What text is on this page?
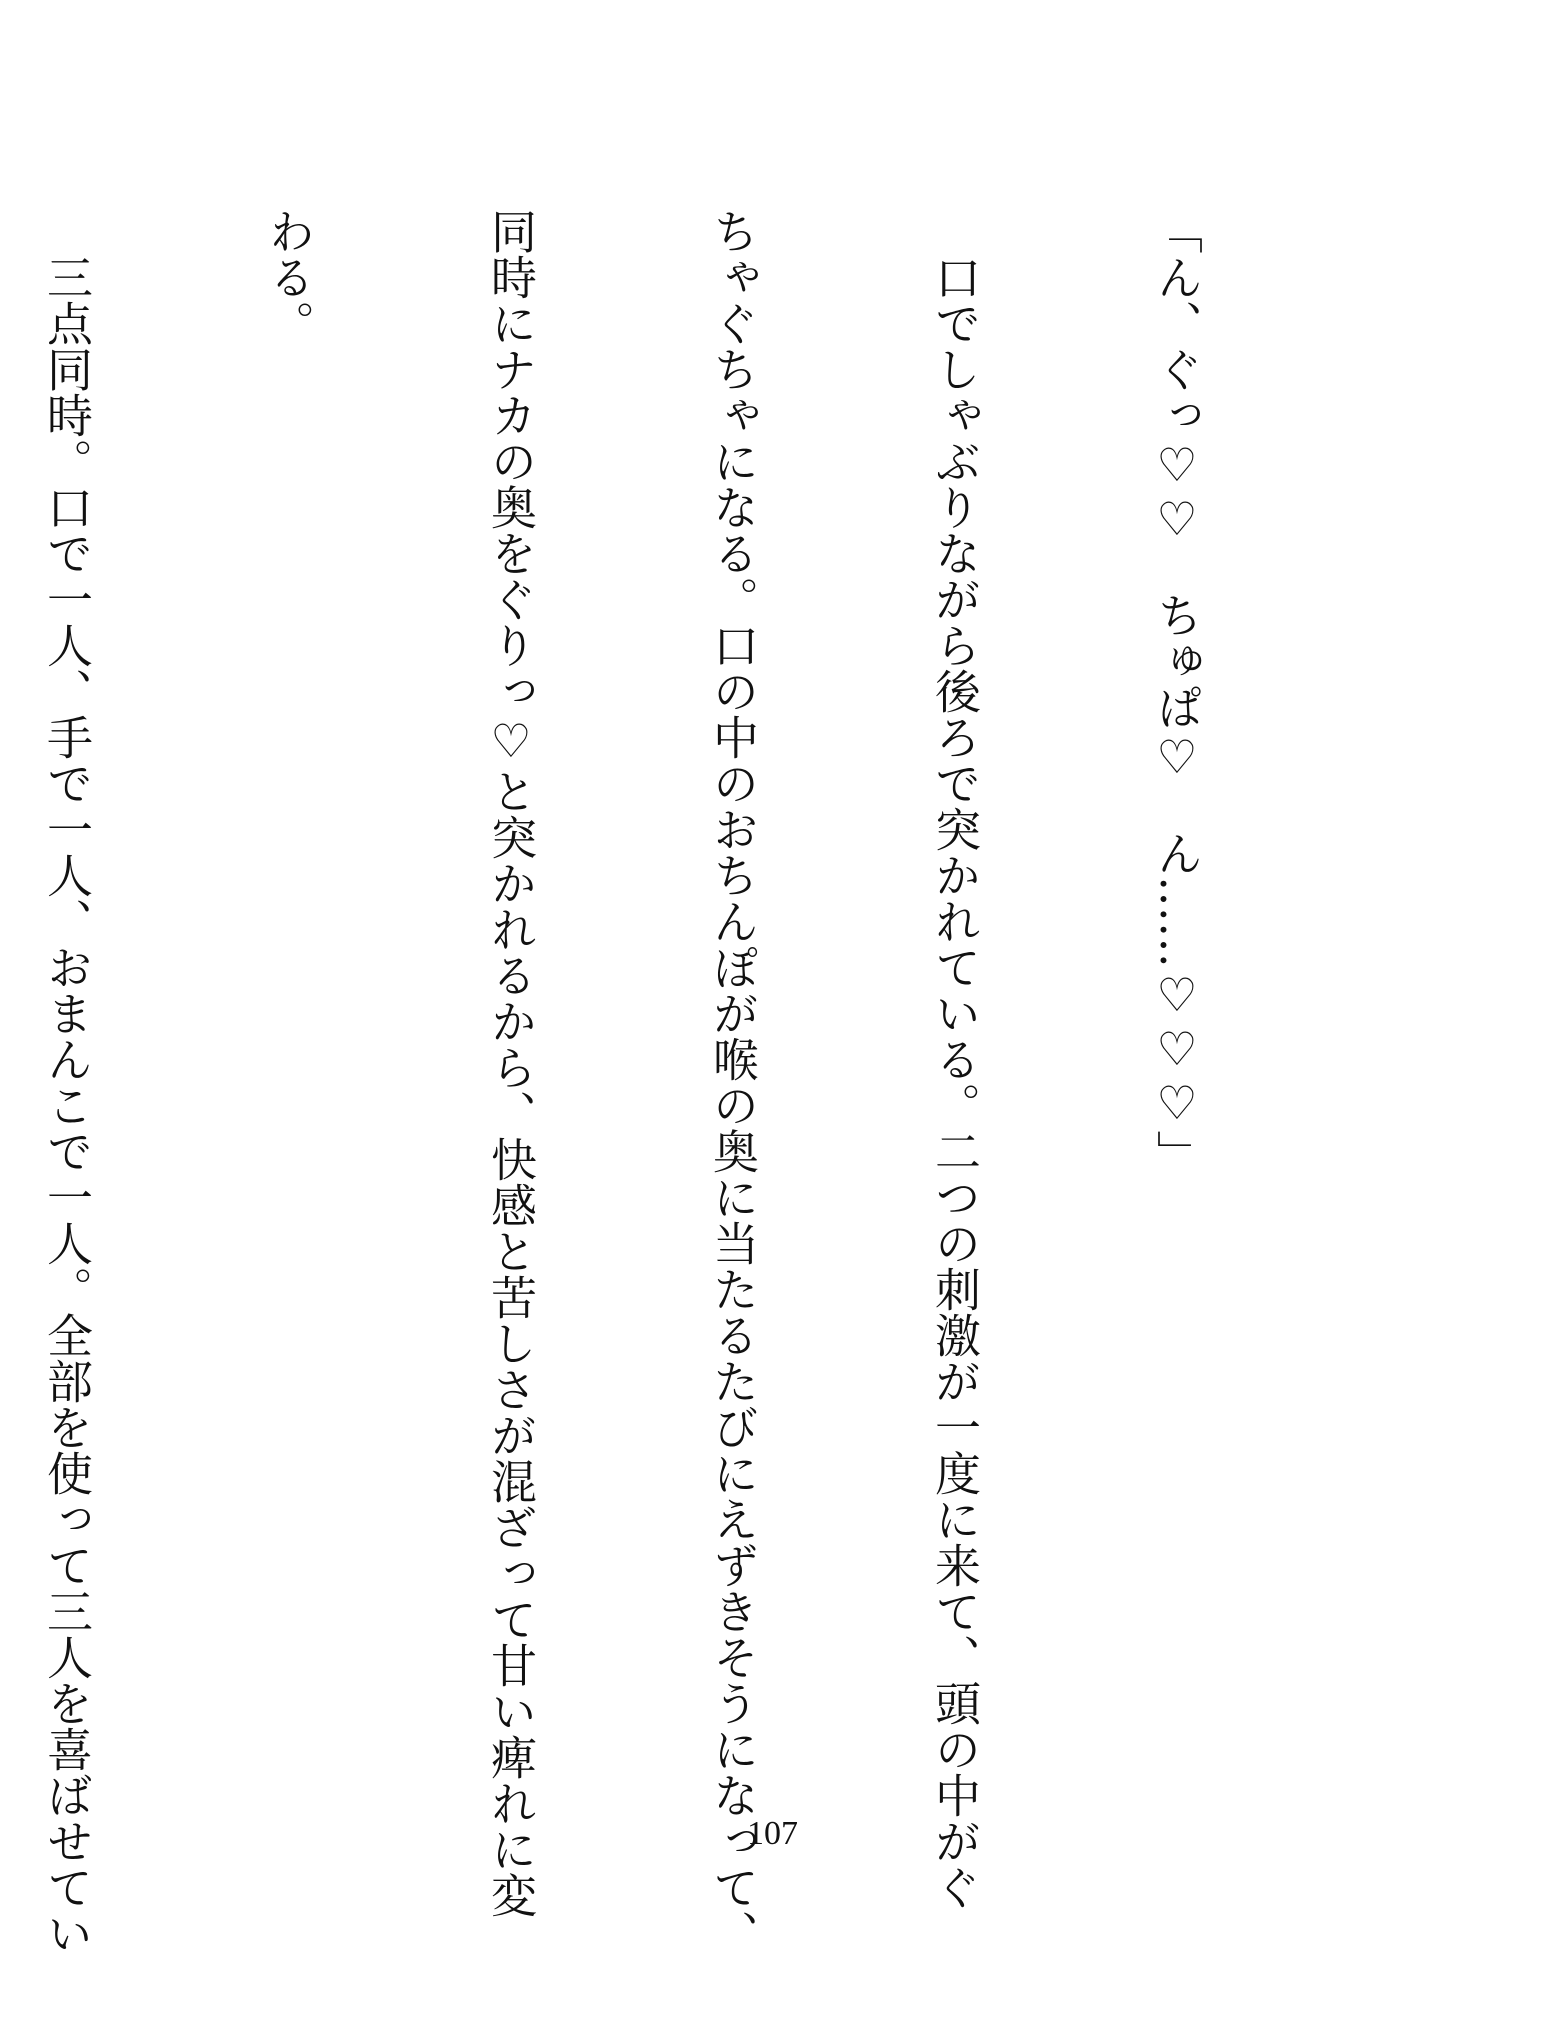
「ん、ぐっ♡♡　ちゅぱ♡　ん……♡♡♡」

　口でしゃぶりながら後ろで突かれている。二つの刺激が一度に来て、頭の中がぐ

ちゃぐちゃになる。口の中のおちんぽが喉の奥に当たるたびにえずきそうになって、

同時にナカの奥をぐりっ♡と突かれるから、快感と苦しさが混ざって甘い痺れに変

わる。

　三点同時。口で一人、手で一人、おまんこで一人。全部を使って三人を喜ばせてい

	107
